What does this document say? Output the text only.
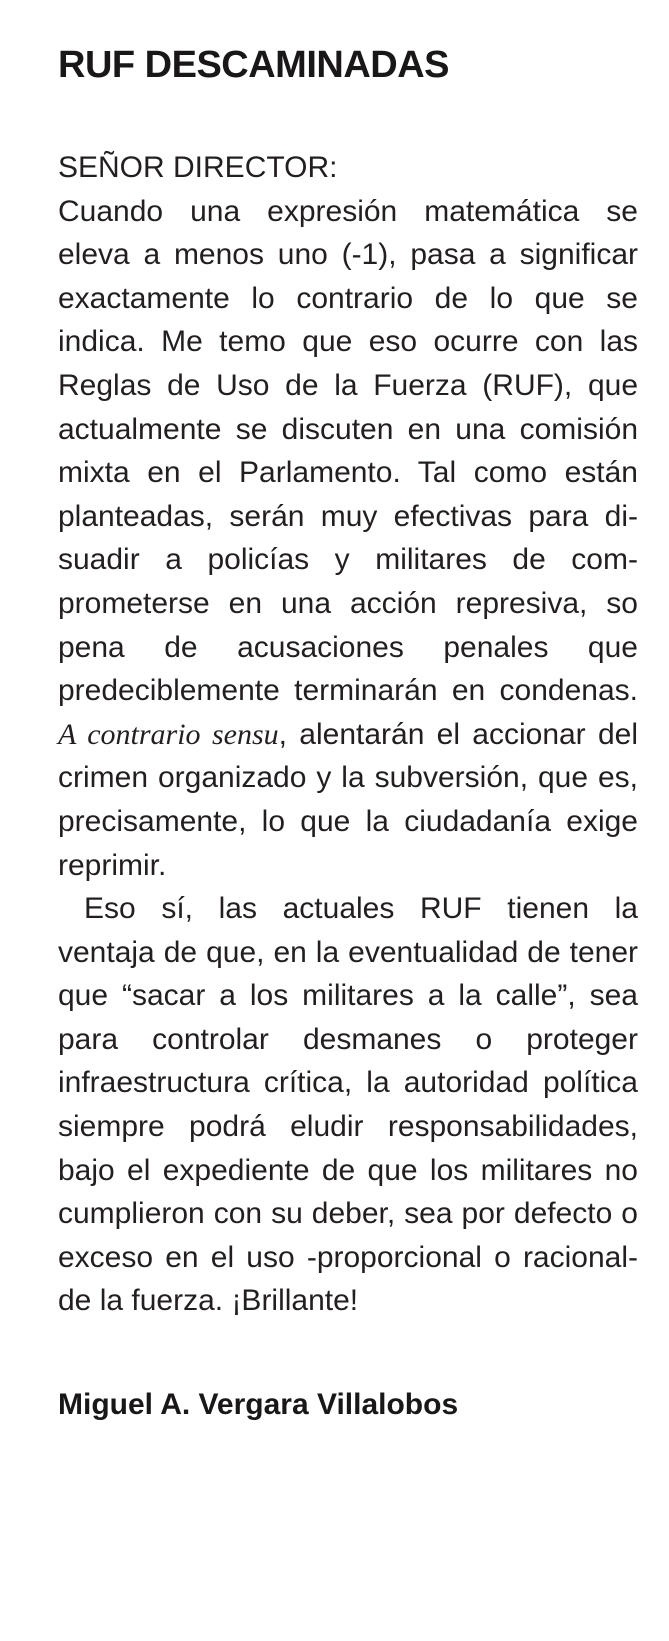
RUF DESCAMINADAS

SEÑOR DIRECTOR:

Cuando una expresión matemática se eleva a menos uno (-1), pasa a significar exactamente lo contrario de lo que se indica. Me temo que eso ocurre con las Reglas de Uso de la Fuerza (RUF), que actualmente se discuten en una comisión mixta en el Parlamento. Tal como están planteadas, serán muy efectivas para disuadir a policías y militares de comprometerse en una acción represiva, so pena de acusaciones penales que predeciblemente terminarán en condenas. A contrario sensu, alentarán el accionar del crimen organizado y la subversión, que es, precisamente, lo que la ciudadanía exige reprimir.

Eso sí, las actuales RUF tienen la ventaja de que, en la eventualidad de tener que “sacar a los militares a la calle”, sea para controlar desmanes o proteger infraestructura crítica, la autoridad política siempre podrá eludir responsabilidades, bajo el expediente de que los militares no cumplieron con su deber, sea por defecto o exceso en el uso -proporcional o racional- de la fuerza. ¡Brillante!

Miguel A. Vergara Villalobos
